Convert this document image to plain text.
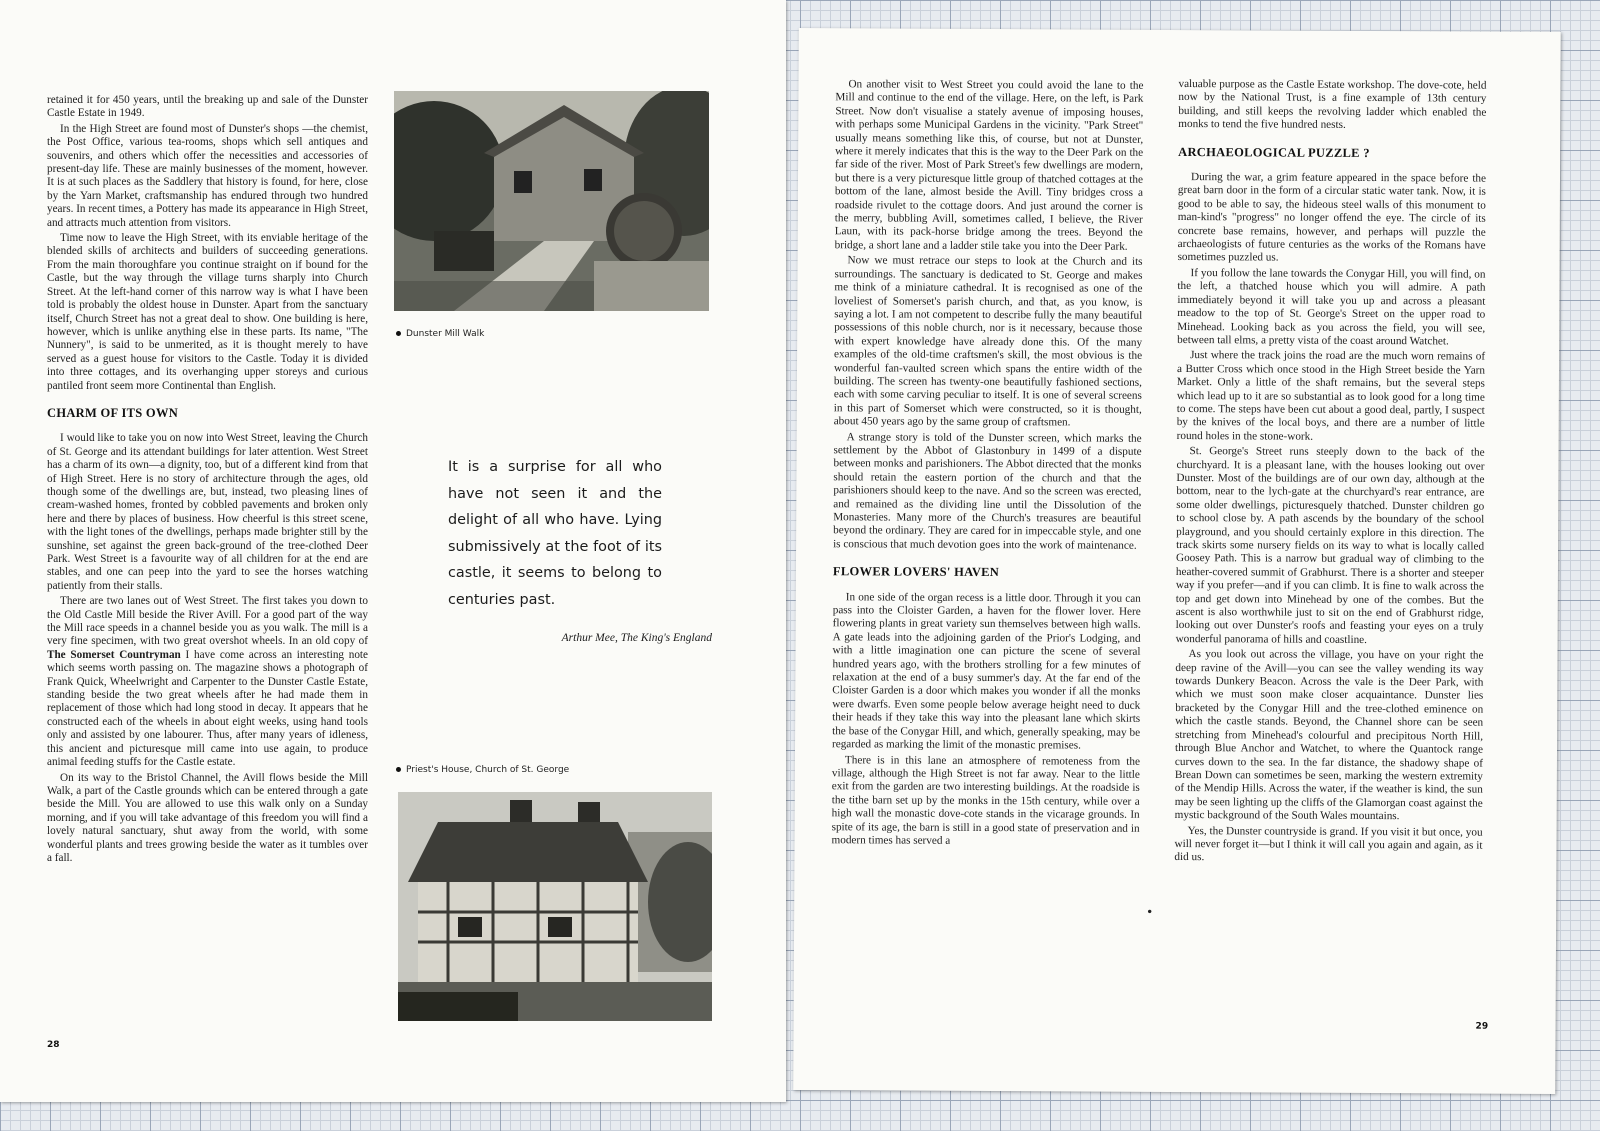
retained it for 450 years, until the breaking up and sale of the Dunster Castle Estate in 1949.

In the High Street are found most of Dunster's shops —the chemist, the Post Office, various tea-rooms, shops which sell antiques and souvenirs, and others which offer the necessities and accessories of present-day life. These are mainly businesses of the moment, however. It is at such places as the Saddlery that history is found, for here, close by the Yarn Market, craftsmanship has endured through two hundred years. In recent times, a Pottery has made its appearance in High Street, and attracts much attention from visitors.

Time now to leave the High Street, with its enviable heritage of the blended skills of architects and builders of succeeding generations. From the main thoroughfare you continue straight on if bound for the Castle, but the way through the village turns sharply into Church Street. At the left-hand corner of this narrow way is what I have been told is probably the oldest house in Dunster. Apart from the sanctuary itself, Church Street has not a great deal to show. One building is here, however, which is unlike anything else in these parts. Its name, "The Nunnery", is said to be unmerited, as it is thought merely to have served as a guest house for visitors to the Castle. Today it is divided into three cottages, and its overhanging upper storeys and curious pantiled front seem more Continental than English.

CHARM OF ITS OWN

I would like to take you on now into West Street, leaving the Church of St. George and its attendant buildings for later attention. West Street has a charm of its own—a dignity, too, but of a different kind from that of High Street. Here is no story of architecture through the ages, old though some of the dwellings are, but, instead, two pleasing lines of cream-washed homes, fronted by cobbled pavements and broken only here and there by places of business. How cheerful is this street scene, with the light tones of the dwellings, perhaps made brighter still by the sunshine, set against the green back-ground of the tree-clothed Deer Park. West Street is a favourite way of all children for at the end are stables, and one can peep into the yard to see the horses watching patiently from their stalls.

There are two lanes out of West Street. The first takes you down to the Old Castle Mill beside the River Avill. For a good part of the way the Mill race speeds in a channel beside you as you walk. The mill is a very fine specimen, with two great overshot wheels. In an old copy of The Somerset Countryman I have come across an interesting note which seems worth passing on. The magazine shows a photograph of Frank Quick, Wheelwright and Carpenter to the Dunster Castle Estate, standing beside the two great wheels after he had made them in replacement of those which had long stood in decay. It appears that he constructed each of the wheels in about eight weeks, using hand tools only and assisted by one labourer. Thus, after many years of idleness, this ancient and picturesque mill came into use again, to produce animal feeding stuffs for the Castle estate.

On its way to the Bristol Channel, the Avill flows beside the Mill Walk, a part of the Castle grounds which can be entered through a gate beside the Mill. You are allowed to use this walk only on a Sunday morning, and if you will take advantage of this freedom you will find a lovely natural sanctuary, shut away from the world, with some wonderful plants and trees growing beside the water as it tumbles over a fall.

Dunster Mill Walk
It is a surprise for all who have not seen it and the delight of all who have. Lying submissively at the foot of its castle, it seems to belong to centuries past.
Arthur Mee, The King's England
Priest's House, Church of St. George
28

On another visit to West Street you could avoid the lane to the Mill and continue to the end of the village. Here, on the left, is Park Street. Now don't visualise a stately avenue of imposing houses, with perhaps some Municipal Gardens in the vicinity. "Park Street" usually means something like this, of course, but not at Dunster, where it merely indicates that this is the way to the Deer Park on the far side of the river. Most of Park Street's few dwellings are modern, but there is a very picturesque little group of thatched cottages at the bottom of the lane, almost beside the Avill. Tiny bridges cross a roadside rivulet to the cottage doors. And just around the corner is the merry, bubbling Avill, sometimes called, I believe, the River Laun, with its pack-horse bridge among the trees. Beyond the bridge, a short lane and a ladder stile take you into the Deer Park.

Now we must retrace our steps to look at the Church and its surroundings. The sanctuary is dedicated to St. George and makes me think of a miniature cathedral. It is recognised as one of the loveliest of Somerset's parish church, and that, as you know, is saying a lot. I am not competent to describe fully the many beautiful possessions of this noble church, nor is it necessary, because those with expert knowledge have already done this. Of the many examples of the old-time craftsmen's skill, the most obvious is the wonderful fan-vaulted screen which spans the entire width of the building. The screen has twenty-one beautifully fashioned sections, each with some carving peculiar to itself. It is one of several screens in this part of Somerset which were constructed, so it is thought, about 450 years ago by the same group of craftsmen.

A strange story is told of the Dunster screen, which marks the settlement by the Abbot of Glastonbury in 1499 of a dispute between monks and parishioners. The Abbot directed that the monks should retain the eastern portion of the church and that the parishioners should keep to the nave. And so the screen was erected, and remained as the dividing line until the Dissolution of the Monasteries. Many more of the Church's treasures are beautiful beyond the ordinary. They are cared for in impeccable style, and one is conscious that much devotion goes into the work of maintenance.

FLOWER LOVERS' HAVEN

In one side of the organ recess is a little door. Through it you can pass into the Cloister Garden, a haven for the flower lover. Here flowering plants in great variety sun themselves between high walls. A gate leads into the adjoining garden of the Prior's Lodging, and with a little imagination one can picture the scene of several hundred years ago, with the brothers strolling for a few minutes of relaxation at the end of a busy summer's day. At the far end of the Cloister Garden is a door which makes you wonder if all the monks were dwarfs. Even some people below average height need to duck their heads if they take this way into the pleasant lane which skirts the base of the Conygar Hill, and which, generally speaking, may be regarded as marking the limit of the monastic premises.

There is in this lane an atmosphere of remoteness from the village, although the High Street is not far away. Near to the little exit from the garden are two interesting buildings. At the roadside is the tithe barn set up by the monks in the 15th century, while over a high wall the monastic dove-cote stands in the vicarage grounds. In spite of its age, the barn is still in a good state of preservation and in modern times has served a

•

valuable purpose as the Castle Estate workshop. The dove-cote, held now by the National Trust, is a fine example of 13th century building, and still keeps the revolving ladder which enabled the monks to tend the five hundred nests.

ARCHAEOLOGICAL PUZZLE ?

During the war, a grim feature appeared in the space before the great barn door in the form of a circular static water tank. Now, it is good to be able to say, the hideous steel walls of this monument to man-kind's "progress" no longer offend the eye. The circle of its concrete base remains, however, and perhaps will puzzle the archaeologists of future centuries as the works of the Romans have sometimes puzzled us.

If you follow the lane towards the Conygar Hill, you will find, on the left, a thatched house which you will admire. A path immediately beyond it will take you up and across a pleasant meadow to the top of St. George's Street on the upper road to Minehead. Looking back as you across the field, you will see, between tall elms, a pretty vista of the coast around Watchet.

Just where the track joins the road are the much worn remains of a Butter Cross which once stood in the High Street beside the Yarn Market. Only a little of the shaft remains, but the several steps which lead up to it are so substantial as to look good for a long time to come. The steps have been cut about a good deal, partly, I suspect by the knives of the local boys, and there are a number of little round holes in the stone-work.

St. George's Street runs steeply down to the back of the churchyard. It is a pleasant lane, with the houses looking out over Dunster. Most of the buildings are of our own day, although at the bottom, near to the lych-gate at the churchyard's rear entrance, are some older dwellings, picturesquely thatched. Dunster children go to school close by. A path ascends by the boundary of the school playground, and you should certainly explore in this direction. The track skirts some nursery fields on its way to what is locally called Goosey Path. This is a narrow but gradual way of climbing to the heather-covered summit of Grabhurst. There is a shorter and steeper way if you prefer—and if you can climb. It is fine to walk across the top and get down into Minehead by one of the combes. But the ascent is also worthwhile just to sit on the end of Grabhurst ridge, looking out over Dunster's roofs and feasting your eyes on a truly wonderful panorama of hills and coastline.

As you look out across the village, you have on your right the deep ravine of the Avill—you can see the valley wending its way towards Dunkery Beacon. Across the vale is the Deer Park, with which we must soon make closer acquaintance. Dunster lies bracketed by the Conygar Hill and the tree-clothed eminence on which the castle stands. Beyond, the Channel shore can be seen stretching from Minehead's colourful and precipitous North Hill, through Blue Anchor and Watchet, to where the Quantock range curves down to the sea. In the far distance, the shadowy shape of Brean Down can sometimes be seen, marking the western extremity of the Mendip Hills. Across the water, if the weather is kind, the sun may be seen lighting up the cliffs of the Glamorgan coast against the mystic background of the South Wales mountains.

Yes, the Dunster countryside is grand. If you visit it but once, you will never forget it—but I think it will call you again and again, as it did us.

29
